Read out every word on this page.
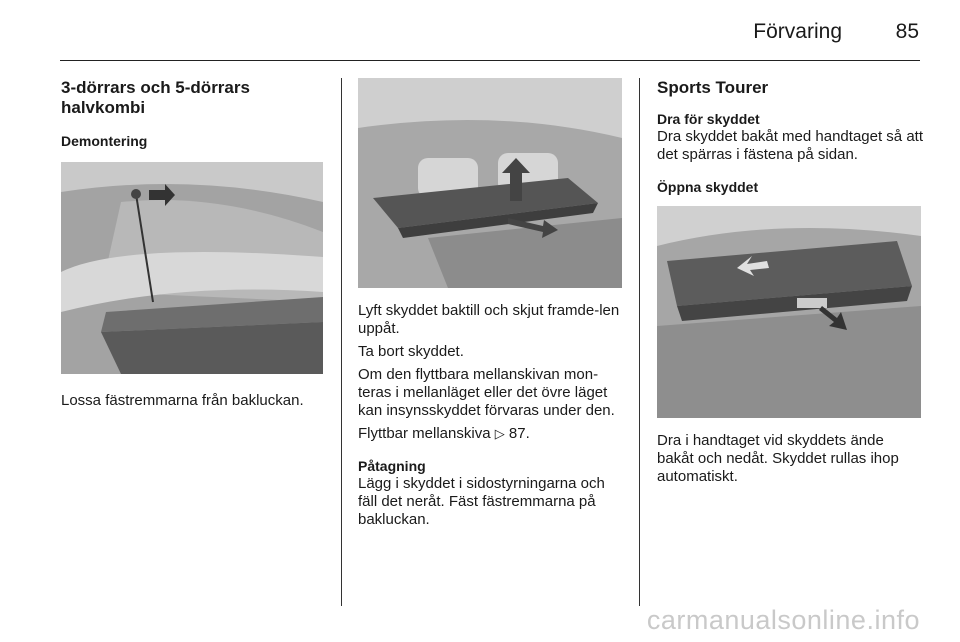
Förvaring	85
3-dörrars och 5-dörrars halvkombi
Demontering

Lossa fästremmarna från bakluckan.

Lyft skyddet baktill och skjut framde-len uppåt.

Ta bort skyddet.

Om den flyttbara mellanskivan mon-teras i mellanläget eller det övre läget kan insynsskyddet förvaras under den.

Flyttbar mellanskiva ▷ 87.

Påtagning

Lägg i skyddet i sidostyrningarna och fäll det neråt. Fäst fästremmarna på bakluckan.

Sports Tourer
Dra för skyddet

Dra skyddet bakåt med handtaget så att det spärras i fästena på sidan.

Öppna skyddet

Dra i handtaget vid skyddets ände bakåt och nedåt. Skyddet rullas ihop automatiskt.

carmanualsonline.info
